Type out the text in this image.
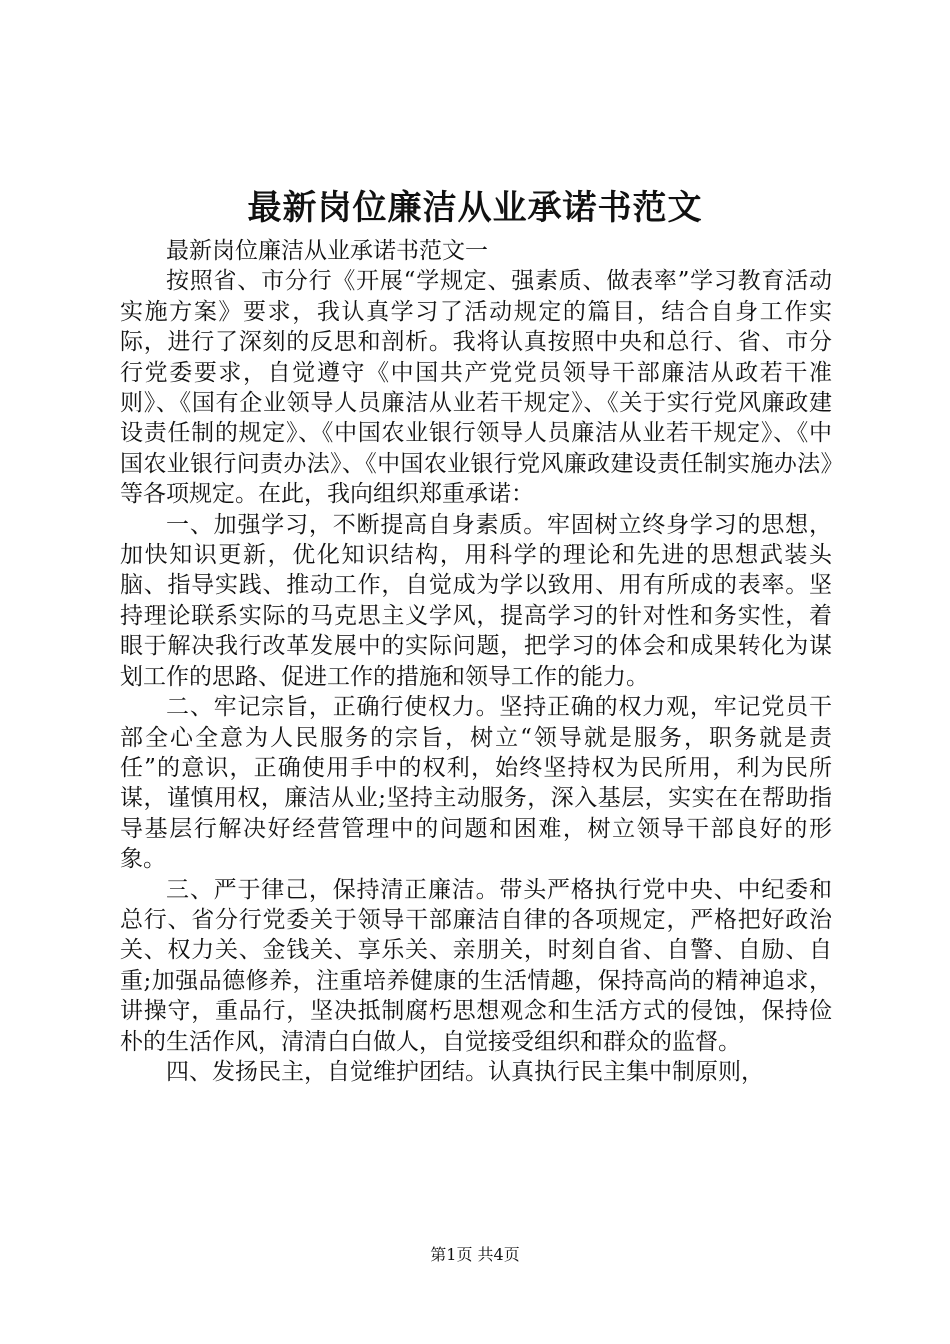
最新岗位廉洁从业承诺书范文

最新岗位廉洁从业承诺书范文一

按照省、市分行《开展“学规定、强素质、做表率”学习教育活动实施方案》要求，我认真学习了活动规定的篇目，结合自身工作实际，进行了深刻的反思和剖析。我将认真按照中央和总行、省、市分行党委要求，自觉遵守《中国共产党党员领导干部廉洁从政若干准则》、《国有企业领导人员廉洁从业若干规定》、《关于实行党风廉政建设责任制的规定》、《中国农业银行领导人员廉洁从业若干规定》、《中国农业银行问责办法》、《中国农业银行党风廉政建设责任制实施办法》等各项规定。在此，我向组织郑重承诺：

一、加强学习，不断提高自身素质。牢固树立终身学习的思想，加快知识更新，优化知识结构，用科学的理论和先进的思想武装头脑、指导实践、推动工作，自觉成为学以致用、用有所成的表率。坚持理论联系实际的马克思主义学风，提高学习的针对性和务实性，着眼于解决我行改革发展中的实际问题，把学习的体会和成果转化为谋划工作的思路、促进工作的措施和领导工作的能力。

二、牢记宗旨，正确行使权力。坚持正确的权力观，牢记党员干部全心全意为人民服务的宗旨，树立“领导就是服务，职务就是责任”的意识，正确使用手中的权利，始终坚持权为民所用，利为民所谋，谨慎用权，廉洁从业;坚持主动服务，深入基层，实实在在帮助指导基层行解决好经营管理中的问题和困难，树立领导干部良好的形象。

三、严于律己，保持清正廉洁。带头严格执行党中央、中纪委和总行、省分行党委关于领导干部廉洁自律的各项规定，严格把好政治关、权力关、金钱关、享乐关、亲朋关，时刻自省、自警、自励、自重;加强品德修养，注重培养健康的生活情趣，保持高尚的精神追求，讲操守，重品行，坚决抵制腐朽思想观念和生活方式的侵蚀，保持俭朴的生活作风，清清白白做人，自觉接受组织和群众的监督。

四、发扬民主，自觉维护团结。认真执行民主集中制原则，

第1页 共4页
